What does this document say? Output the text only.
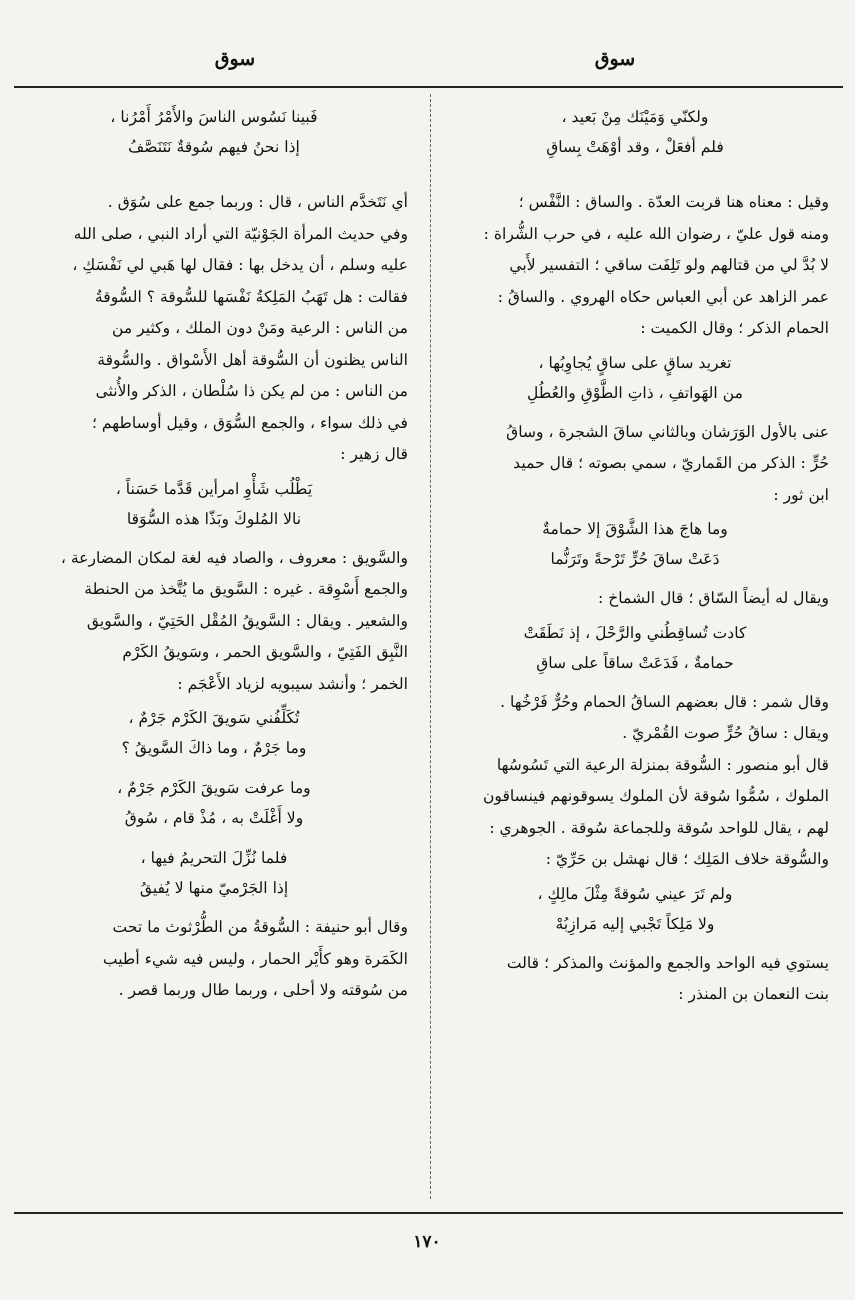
سوق
سوق
ولكنّي وَمَيْنَك مِنْ بَعيد ،
فلم أفعَلْ ، وقد أوْهَتْ بِساقِ

وقيل : معناه هنا قربت العدّة . والساق : النَّفْس ؛

ومنه قول عليّ ، رضوان الله عليه ، في حرب الشُّراة :

لا بُدَّ لي من قتالهم ولو تَلِفَت ساقي ؛ التفسير لأَبي

عمر الزاهد عن أبي العباس حكاه الهروي . والساقُ :

الحمام الذكر ؛ وقال الكميت :

تغريد ساقٍ على ساقٍ يُجاوِبُها ،
من الهَواتفِ ، ذاتِ الطَّوْقِ والعُطُلِ

عنى بالأول الوَرَشان وبالثاني ساقَ الشجرة ، وساقُ

حُرٍّ : الذكر من القَماريّ ، سمي بصوته ؛ قال حميد

ابن ثور :

وما هاجَ هذا الشَّوْقَ إلا حمامةٌ
دَعَتْ ساقَ حُرٍّ تَرْحةً وتَرَنُّما

ويقال له أيضاً السّاق ؛ قال الشماخ :

كادت تُساقِطُني والرَّحْلَ ، إذ نَطَقَتْ
حمامةٌ ، فَدَعَتْ ساقاً على ساقِ

وقال شمر : قال بعضهم الساقُ الحمام وحُرٌّ فَرْخُها .

ويقال : ساقُ حُرٍّ صوت القُمْريّ .

قال أبو منصور : السُّوقة بمنزلة الرعية التي تَسُوسُها

الملوك ، سُمُّوا سُوقة لأن الملوك يسوقونهم فينساقون

لهم ، يقال للواحد سُوقة وللجماعة سُوقة . الجوهري :

والسُّوقة خلاف المَلِك ؛ قال نهشل بن حَرِّيّ :

ولم تَرَ عيني سُوقةً مِثْلَ مالِكٍ ،
ولا مَلِكاً تَجْبي إليه مَرازِبُهْ

يستوي فيه الواحد والجمع والمؤنث والمذكر ؛ قالت

بنت النعمان بن المنذر :

فَبينا نَسُوس الناسَ والأَمْرُ أَمْرُنا ،
إذا نحنُ فيهم سُوقةٌ نَتَنَصَّفُ

أي نَتَخدَّم الناس ، قال : وربما جمع على سُوَق .

وفي حديث المرأة الجَوْنيّة التي أراد النبي ، صلى الله

عليه وسلم ، أن يدخل بها : فقال لها هَبي لي نَفْسَكِ ،

فقالت : هل تَهَبُ المَلِكةُ نَفْسَها للسُّوقة ؟ السُّوقةُ

من الناس : الرعية ومَنْ دون الملك ، وكثير من

الناس يظنون أن السُّوقة أهل الأَسْواق . والسُّوقة

من الناس : من لم يكن ذا سُلْطان ، الذكر والأُنثى

في ذلك سواء ، والجمع السُّوَق ، وقيل أوساطهم ؛

قال زهير :

يَطْلُب شَأْوِ امرأين قَدَّما حَسَناً ،
نالا المُلوكَ وبَذّا هذه السُّوَقا

والسَّويق : معروف ، والصاد فيه لغة لمكان المضارعة ،

والجمع أَسْوِقة . غيره : السَّويق ما يُتَّخذ من الحنطة

والشعير . ويقال : السَّويقُ المُقْل الحَتِيّ ، والسَّويق

النَّبِق الفَتِيّ ، والسَّويق الحمر ، وسَويقُ الكَرْم

الخمر ؛ وأنشد سيبويه لزياد الأَعْجَم :

تُكَلِّفُني سَويقَ الكَرْم جَرْمٌ ،
وما جَرْمٌ ، وما ذاكَ السَّويقُ ؟
وما عرفت سَويقَ الكَرْم جَرْمٌ ،
ولا أَغْلَتْ به ، مُذْ قام ، سُوقُ
فلما نُزِّلَ التحريمُ فيها ،
إذا الجَرْميّ منها لا يُفيقُ

وقال أبو حنيفة : السُّوقةُ من الطُّرْثوث ما تحت

الكَمَرة وهو كأَيْر الحمار ، وليس فيه شيء أطيب

من سُوقته ولا أحلى ، وربما طال وربما قصر .

١٧٠
